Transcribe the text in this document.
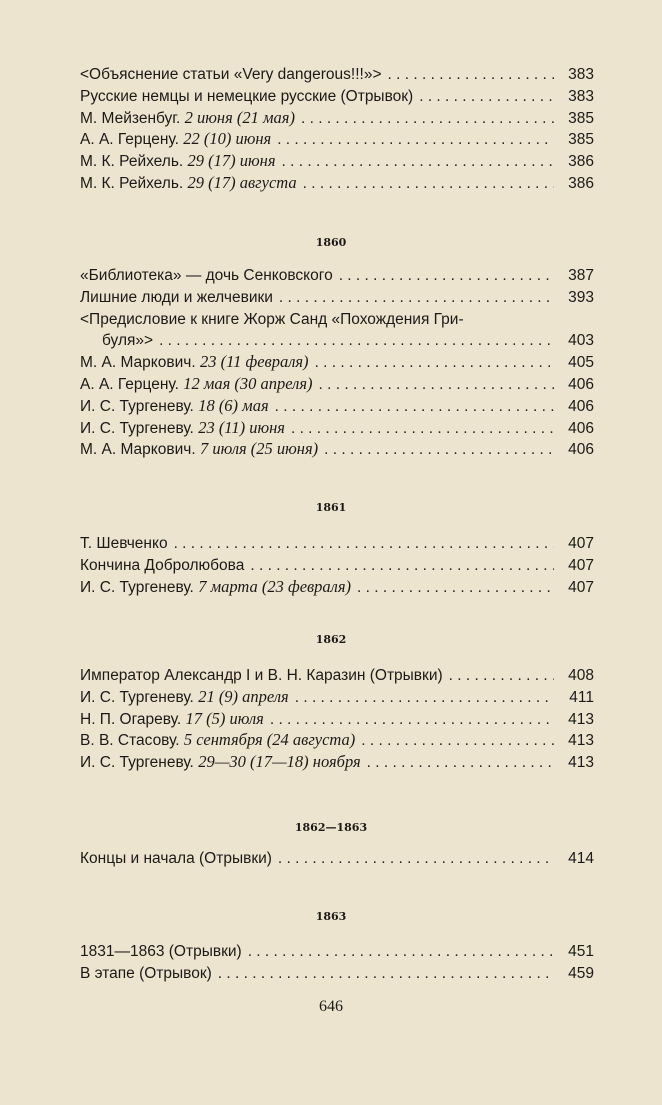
<Объяснение статьи «Very dangerous!!!»> . . .	383
Русские немцы и немецкие русские (Отрывок) . . .	383
М. Мейзенбуг. 2 июня (21 мая) . . .	385
А. А. Герцену. 22 (10) июня . . .	385
М. К. Рейхель. 29 (17) июня . . .	386
М. К. Рейхель. 29 (17) августа . . .	386
1860
«Библиотека» — дочь Сенковского . . .	387
Лишние люди и желчевики . . .	393
<Предисловие к книге Жорж Санд «Похождения Гри-
буля»> . . .	403
М. А. Маркович. 23 (11 февраля) . . .	405
А. А. Герцену. 12 мая (30 апреля) . . .	406
И. С. Тургеневу. 18 (6) мая . . .	406
И. С. Тургеневу. 23 (11) июня . . .	406
М. А. Маркович. 7 июля (25 июня) . . .	406
1861
Т. Шевченко . . .	407
Кончина Добролюбова . . .	407
И. С. Тургеневу. 7 марта (23 февраля) . . .	407
1862
Император Александр I и В. Н. Каразин (Отрывки) . . .	408
И. С. Тургеневу. 21 (9) апреля . . .	411
Н. П. Огареву. 17 (5) июля . . .	413
В. В. Стасову. 5 сентября (24 августа) . . .	413
И. С. Тургеневу. 29—30 (17—18) ноября . . .	413
1862—1863
Концы и начала (Отрывки) . . .	414
1863
1831—1863 (Отрывки) . . .	451
В этапе (Отрывок) . . .	459
646
